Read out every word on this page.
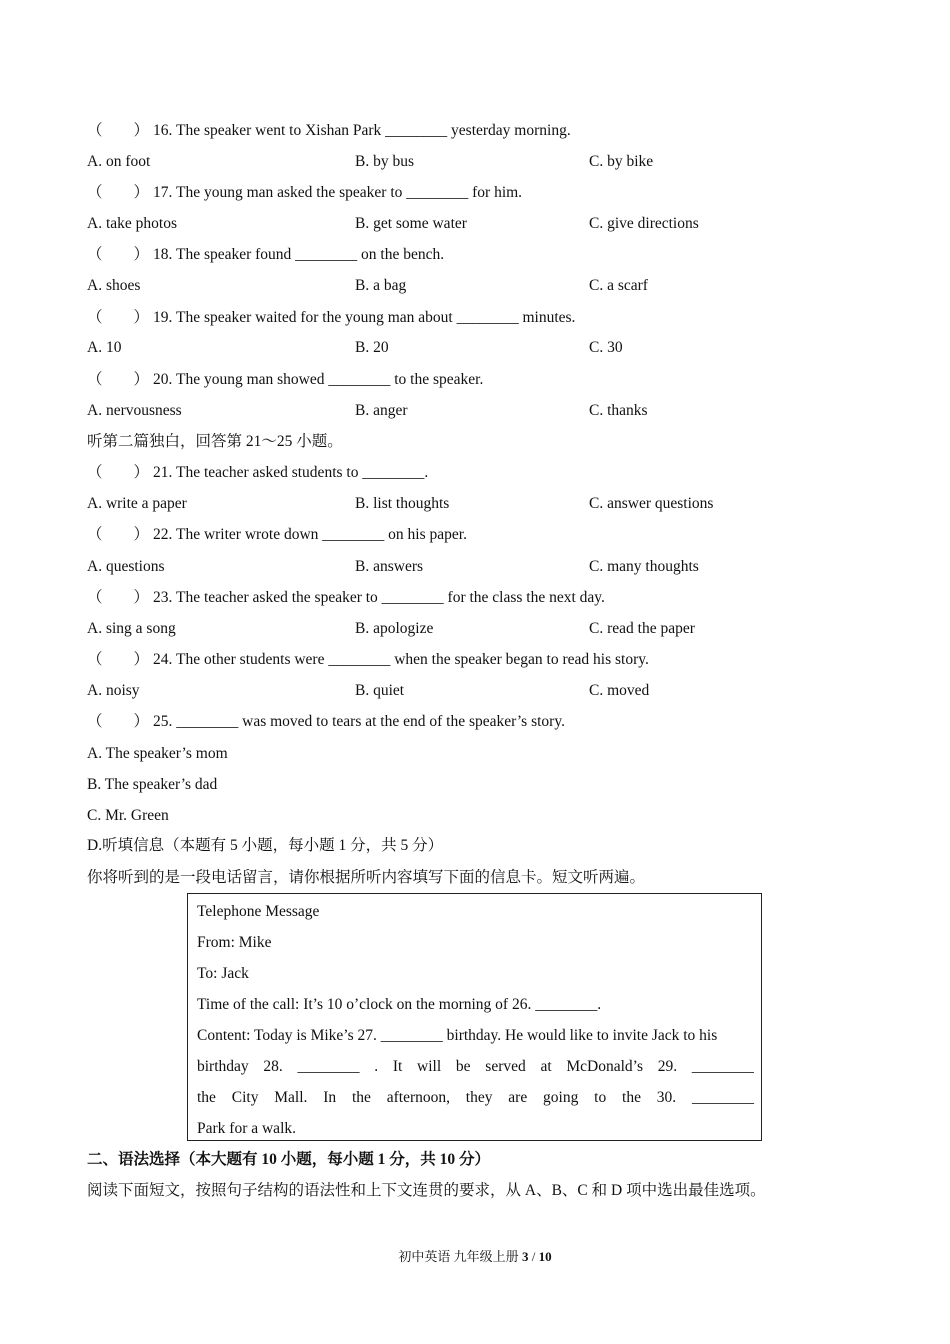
（　　） 16. The speaker went to Xishan Park ________ yesterday morning.
A. on foot	B. by bus	C. by bike
（　　） 17. The young man asked the speaker to ________ for him.
A. take photos	B. get some water	C. give directions
（　　） 18. The speaker found ________ on the bench.
A. shoes	B. a bag	C. a scarf
（　　） 19. The speaker waited for the young man about ________ minutes.
A. 10	B. 20	C. 30
（　　） 20. The young man showed ________ to the speaker.
A. nervousness	B. anger	C. thanks
听第二篇独白，回答第 21～25 小题。
（　　） 21. The teacher asked students to ________.
A. write a paper	B. list thoughts	C. answer questions
（　　） 22. The writer wrote down ________ on his paper.
A. questions	B. answers	C. many thoughts
（　　） 23. The teacher asked the speaker to ________ for the class the next day.
A. sing a song	B. apologize	C. read the paper
（　　） 24. The other students were ________ when the speaker began to read his story.
A. noisy	B. quiet	C. moved
（　　） 25. ________ was moved to tears at the end of the speaker’s story.
A. The speaker’s mom
B. The speaker’s dad
C. Mr. Green
D.听填信息（本题有 5 小题，每小题 1 分，共 5 分）
你将听到的是一段电话留言，请你根据所听内容填写下面的信息卡。短文听两遍。
Telephone Message
From: Mike
To: Jack
Time of the call: It’s 10 o’clock on the morning of 26. ________.
Content: Today is Mike’s 27. ________ birthday. He would like to invite Jack to his
birthday 28. ________ . It will be served at McDonald’s 29. ________
the City Mall. In the afternoon, they are going to the 30. ________
Park for a walk.
二、语法选择（本大题有 10 小题，每小题 1 分，共 10 分）
阅读下面短文，按照句子结构的语法性和上下文连贯的要求，从 A、B、C 和 D 项中选出最佳选项。
初中英语 九年级上册 3 / 10
